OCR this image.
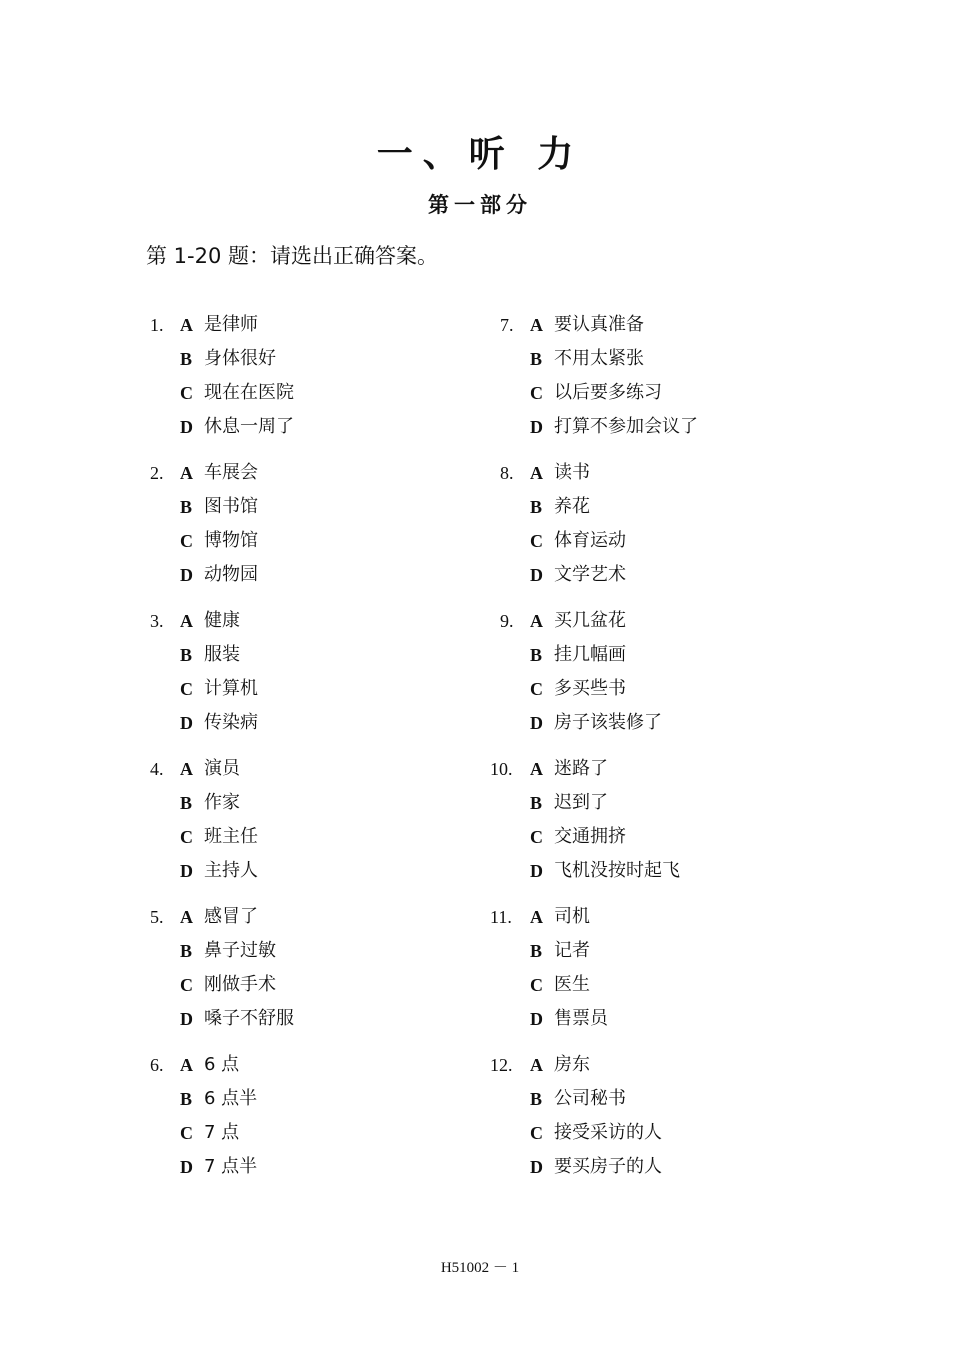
一、听 力
第一部分
第 1-20 题：请选出正确答案。
1. A 是律师
B 身体很好
C 现在在医院
D 休息一周了
2. A 车展会
B 图书馆
C 博物馆
D 动物园
3. A 健康
B 服装
C 计算机
D 传染病
4. A 演员
B 作家
C 班主任
D 主持人
5. A 感冒了
B 鼻子过敏
C 刚做手术
D 嗓子不舒服
6. A 6 点
B 6 点半
C 7 点
D 7 点半
7. A 要认真准备
B 不用太紧张
C 以后要多练习
D 打算不参加会议了
8. A 读书
B 养花
C 体育运动
D 文学艺术
9. A 买几盆花
B 挂几幅画
C 多买些书
D 房子该装修了
10. A 迷路了
B 迟到了
C 交通拥挤
D 飞机没按时起飞
11. A 司机
B 记者
C 医生
D 售票员
12. A 房东
B 公司秘书
C 接受采访的人
D 要买房子的人
H51002 － 1
